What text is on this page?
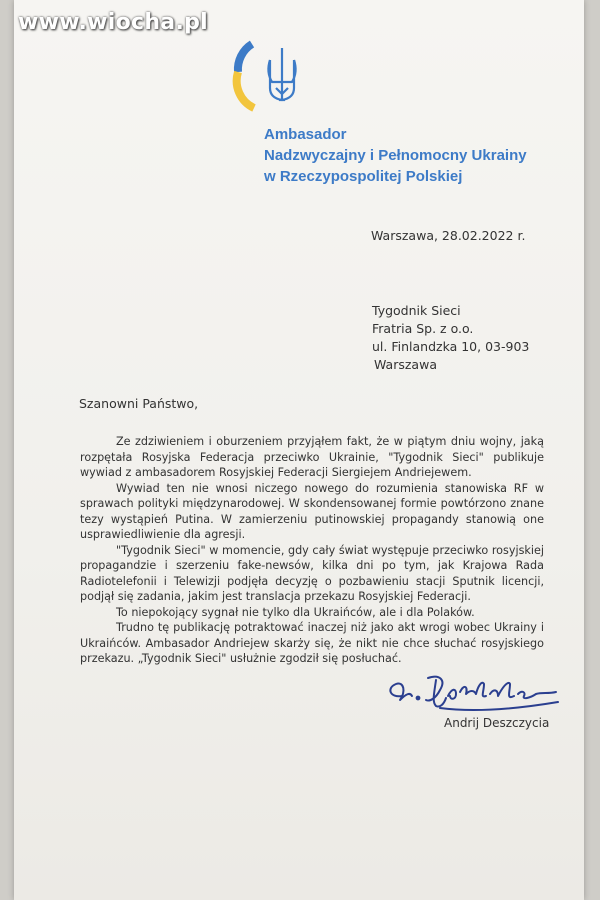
Ambasador
Nadzwyczajny i Pełnomocny Ukrainy
w Rzeczypospolitej Polskiej
Warszawa, 28.02.2022 r.
Tygodnik Sieci
Fratria Sp. z o.o.
ul. Finlandzka 10, 03-903
Warszawa
Szanowni Państwo,

Ze zdziwieniem i oburzeniem przyjąłem fakt, że w piątym dniu wojny, jaką rozpętała Rosyjska Federacja przeciwko Ukrainie, "Tygodnik Sieci" publikuje wywiad z ambasadorem Rosyjskiej Federacji Siergiejem Andriejewem.

Wywiad ten nie wnosi niczego nowego do rozumienia stanowiska RF w sprawach polityki międzynarodowej. W skondensowanej formie powtórzono znane tezy wystąpień Putina. W zamierzeniu putinowskiej propagandy stanowią one usprawiedliwienie dla agresji.

"Tygodnik Sieci" w momencie, gdy cały świat występuje przeciwko rosyjskiej propagandzie i szerzeniu fake-newsów, kilka dni po tym, jak Krajowa Rada Radiotelefonii i Telewizji podjęła decyzję o pozbawieniu stacji Sputnik licencji, podjął się zadania, jakim jest translacja przekazu Rosyjskiej Federacji.

To niepokojący sygnał nie tylko dla Ukraińców, ale i dla Polaków.

Trudno tę publikację potraktować inaczej niż jako akt wrogi wobec Ukrainy i Ukraińców. Ambasador Andriejew skarży się, że nikt nie chce słuchać rosyjskiego przekazu. „Tygodnik Sieci" usłużnie zgodził się posłuchać.

Andrij Deszczycia
www.wiocha.pl
